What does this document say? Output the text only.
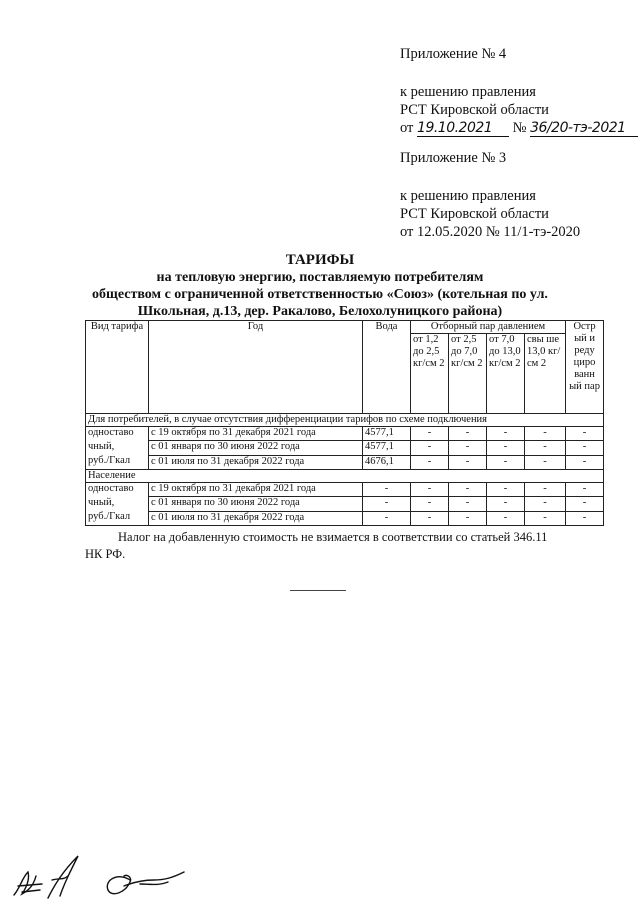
Приложение № 4
к решению правления
РСТ Кировской области
от 19.10.2021 № 36/20-тэ-2021
Приложение № 3
к решению правления
РСТ Кировской области
от 12.05.2020 № 11/1-тэ-2020
ТАРИФЫ
на тепловую энергию, поставляемую потребителям
обществом с ограниченной ответственностью «Союз» (котельная по ул.
Школьная, д.13, дер. Ракалово, Белохолуницкого района)
Вид тарифа	Год	Вода	Отборный пар давлением				Остр ый и реду циро ванн ый пар
			от 1,2 до 2,5 кг/см 2	от 2,5 до 7,0 кг/см 2	от 7,0 до 13,0 кг/см 2	свы ше 13,0 кг/см 2	
Для потребителей, в случае отсутствия дифференциации тарифов по схеме подключения							

одноставо
чный,
руб./Гкал	с 19 октября по 31 декабря 2021 года	4577,1	-	-	-	-	-
	с 01 января по 30 июня 2022 года	4577,1	-	-	-	-	-
	с 01 июля по 31 декабря 2022 года	4676,1	-	-	-	-	-
Население							

одноставо
чный,
руб./Гкал	с 19 октября по 31 декабря 2021 года	-	-	-	-	-	-
	с 01 января по 30 июня 2022 года	-	-	-	-	-	-
	с 01 июля по 31 декабря 2022 года	-	-	-	-	-	-
Налог на добавленную стоимость не взимается в соответствии со статьей 346.11
НК РФ.
